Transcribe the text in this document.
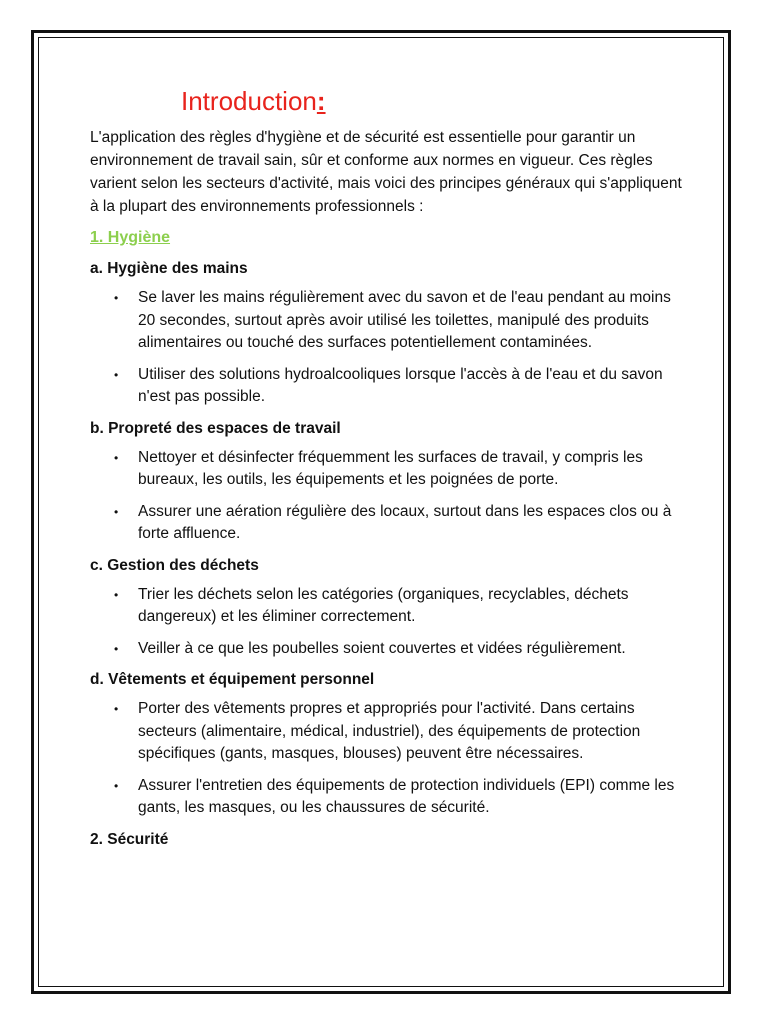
Introduction:

L'application des règles d'hygiène et de sécurité est essentielle pour garantir un environnement de travail sain, sûr et conforme aux normes en vigueur. Ces règles varient selon les secteurs d'activité, mais voici des principes généraux qui s'appliquent à la plupart des environnements professionnels :

1. Hygiène
a. Hygiène des mains
• Se laver les mains régulièrement avec du savon et de l'eau pendant au moins 20 secondes, surtout après avoir utilisé les toilettes, manipulé des produits alimentaires ou touché des surfaces potentiellement contaminées.
• Utiliser des solutions hydroalcooliques lorsque l'accès à de l'eau et du savon n'est pas possible.
b. Propreté des espaces de travail
• Nettoyer et désinfecter fréquemment les surfaces de travail, y compris les bureaux, les outils, les équipements et les poignées de porte.
• Assurer une aération régulière des locaux, surtout dans les espaces clos ou à forte affluence.
c. Gestion des déchets
• Trier les déchets selon les catégories (organiques, recyclables, déchets dangereux) et les éliminer correctement.
• Veiller à ce que les poubelles soient couvertes et vidées régulièrement.
d. Vêtements et équipement personnel
• Porter des vêtements propres et appropriés pour l'activité. Dans certains secteurs (alimentaire, médical, industriel), des équipements de protection spécifiques (gants, masques, blouses) peuvent être nécessaires.
• Assurer l'entretien des équipements de protection individuels (EPI) comme les gants, les masques, ou les chaussures de sécurité.
2. Sécurité
